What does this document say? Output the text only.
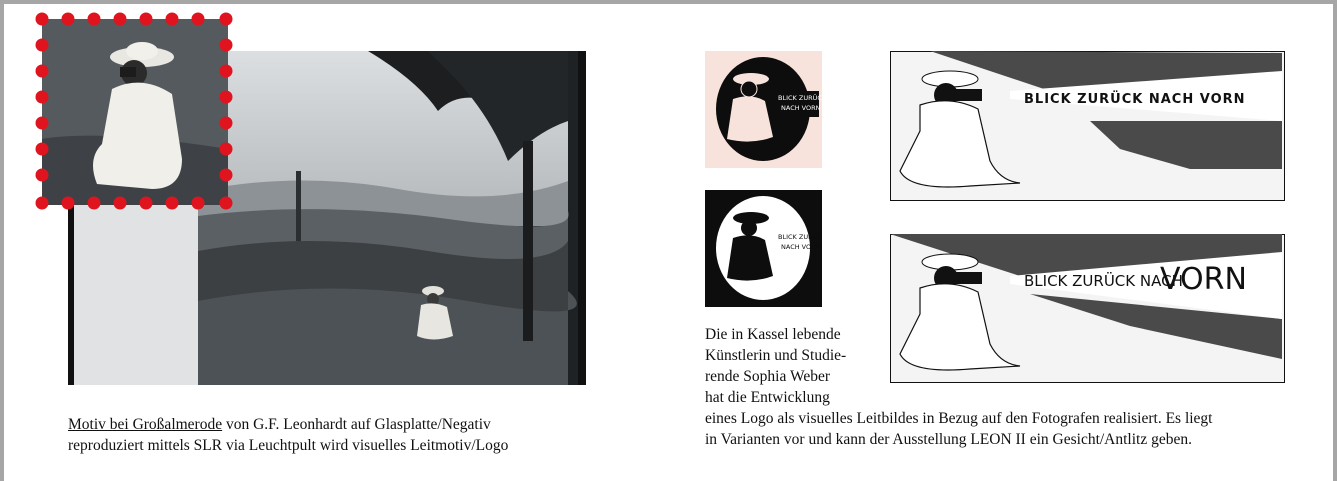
Motiv bei Großalmerode von G.F. Leonhardt auf Glasplatte/Negativ
reproduziert mittels SLR via Leuchtpult wird visuelles Leitmotiv/Logo
BLICK ZURÜCK
NACH VORN
BLICK ZURÜCK
NACH VORN
BLICK ZURÜCK NACH VORN
BLICK ZURÜCK NACH
VORN
Die in Kassel lebende
Künstlerin und Studie-
rende Sophia Weber
hat die Entwicklung
eines Logo als visuelles Leitbildes in Bezug auf den Fotografen realisiert. Es liegt
in Varianten vor und kann der Ausstellung LEON II ein Gesicht/Antlitz geben.
